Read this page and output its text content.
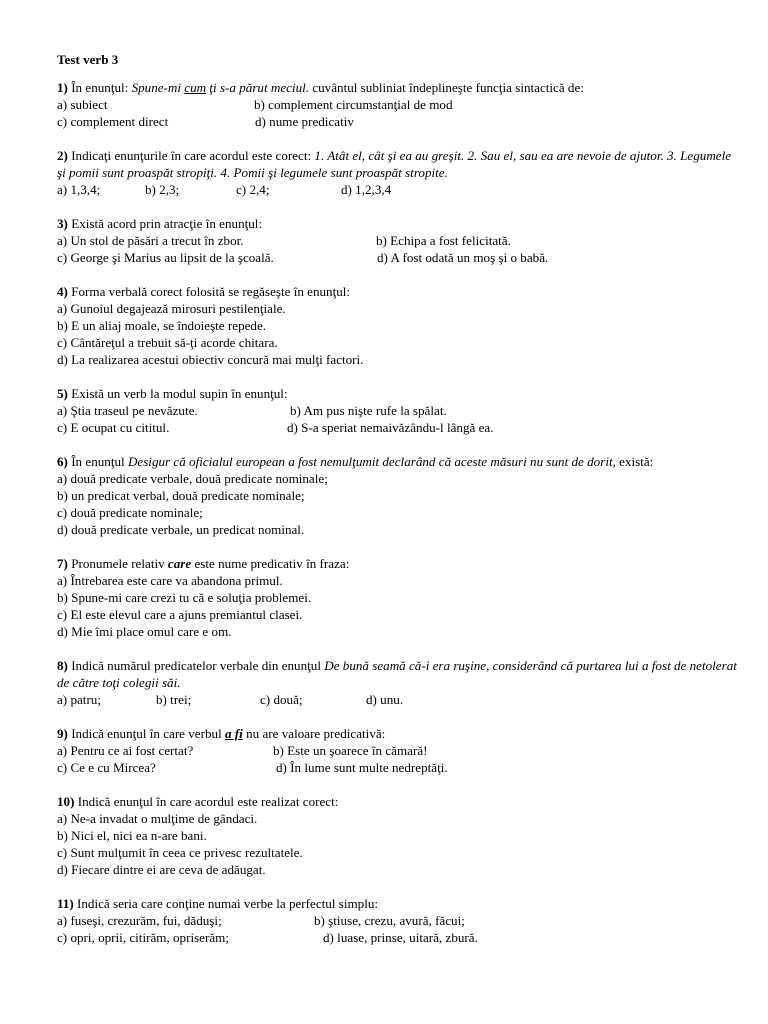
Test verb 3
1) În enunţul: Spune-mi cum ţi s-a părut meciul. cuvântul subliniat îndeplineşte funcţia sintactică de:
a) subiect	b) complement circumstanţial de mod
c) complement direct	d) nume predicativ
2) Indicaţi enunţurile în care acordul este corect: 1. Atât el, cât şi ea au greşit. 2. Sau el, sau ea are nevoie de ajutor. 3. Legumele şi pomii sunt proaspăt stropiţi. 4. Pomii şi legumele sunt proaspăt stropite.
a) 1,3,4;	b) 2,3;	c) 2,4;	d) 1,2,3,4
3) Există acord prin atracţie în enunţul:
a) Un stol de păsări a trecut în zbor.	b) Echipa a fost felicitată.
c) George şi Marius au lipsit de la şcoală.	d) A fost odată un moş şi o babă.
4) Forma verbală corect folosită se regăseşte în enunţul:
a) Gunoiul degajează mirosuri pestilenţiale.
b) E un aliaj moale, se îndoieşte repede.
c) Cântăreţul a trebuit să-ţi acorde chitara.
d) La realizarea acestui obiectiv concură mai mulţi factori.
5) Există un verb la modul supin în enunţul:
a) Ştia traseul pe nevăzute.	b) Am pus nişte rufe la spălat.
c) E ocupat cu cititul.	d) S-a speriat nemaivăzându-l lângă ea.
6) În enunţul Desigur că oficialul european a fost nemulţumit declarând că aceste măsuri nu sunt de dorit, există:
a) două predicate verbale, două predicate nominale;
b) un predicat verbal, două predicate nominale;
c) două predicate nominale;
d) două predicate verbale, un predicat nominal.
7) Pronumele relativ care este nume predicativ în fraza:
a) Întrebarea este care va abandona primul.
b) Spune-mi care crezi tu că e soluţia problemei.
c) El este elevul care a ajuns premiantul clasei.
d) Mie îmi place omul care e om.
8) Indică numărul predicatelor verbale din enunţul De bună seamă că-i era ruşine, considerând că purtarea lui a fost de netolerat de către toţi colegii săi.
a) patru;	b) trei;	c) două;	d) unu.
9) Indică enunţul în care verbul a fi nu are valoare predicativă:
a) Pentru ce ai fost certat?	b) Este un şoarece în cămară!
c) Ce e cu Mircea?	d) În lume sunt multe nedreptăţi.
10) Indică enunţul în care acordul este realizat corect:
a) Ne-a invadat o mulţime de gândaci.
b) Nici el, nici ea n-are bani.
c) Sunt mulţumit în ceea ce privesc rezultatele.
d) Fiecare dintre ei are ceva de adăugat.
11) Indică seria care conţine numai verbe la perfectul simplu:
a) fuseşi, crezurăm, fui, dăduşi;	b) ştiuse, crezu, avură, făcui;
c) opri, oprii, citirăm, opriserăm;	d) luase, prinse, uitară, zbură.
